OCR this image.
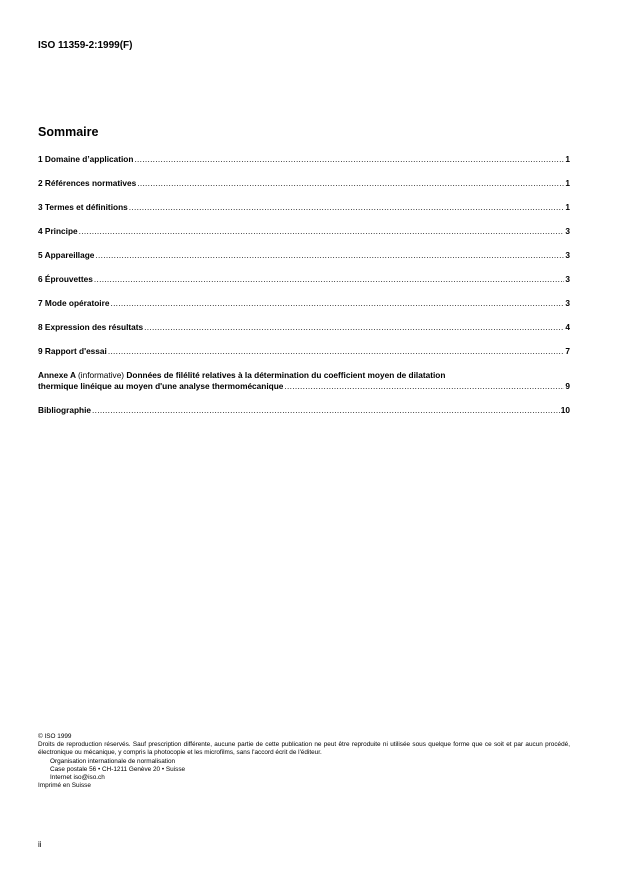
ISO 11359-2:1999(F)
Sommaire
1 Domaine d’application .....	1
2 Références normatives .....	1
3 Termes et définitions .....	1
4 Principe .....	3
5 Appareillage .....	3
6 Éprouvettes .....	3
7 Mode opératoire .....	3
8 Expression des résultats .....	4
9 Rapport d'essai .....	7
Annexe A (informative) Données de filélité relatives à la détermination du coefficient moyen de dilatation
thermique linéique au moyen d'une analyse thermomécanique .....	9
Bibliographie .....	10
© ISO 1999
Droits de reproduction réservés. Sauf prescription différente, aucune partie de cette publication ne peut être reproduite ni utilisée sous quelque forme que ce soit et par aucun procédé, électronique ou mécanique, y compris la photocopie et les microfilms, sans l'accord écrit de l'éditeur.
Organisation internationale de normalisation
Case postale 56 • CH-1211 Genève 20 • Suisse
Internet iso@iso.ch
Imprimé en Suisse
ii
